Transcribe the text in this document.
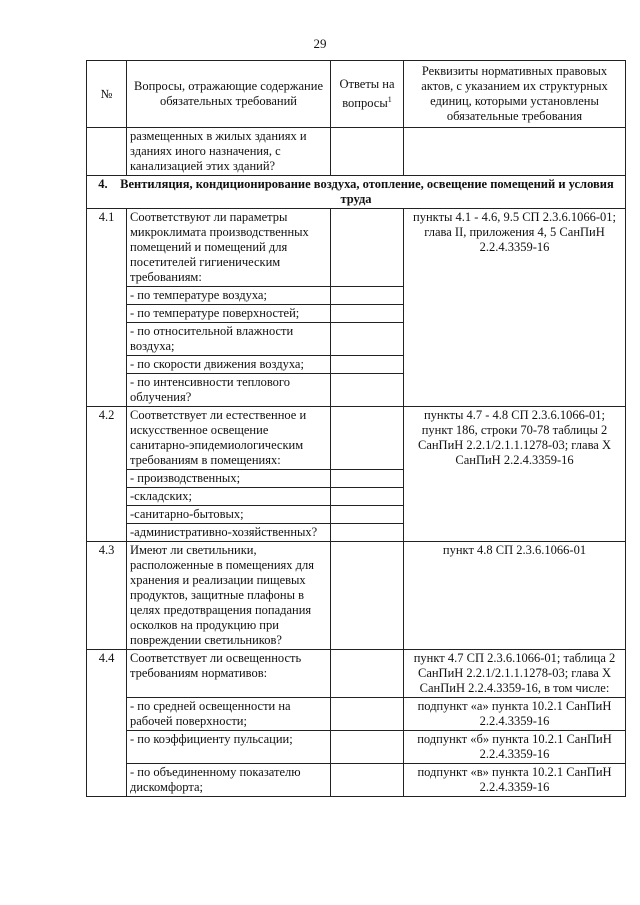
29
№	Вопросы, отражающие содержание обязательных требований	Ответы на вопросы$^1$	Реквизиты нормативных правовых актов, с указанием их структурных единиц, которыми установлены обязательные требования
	размещенных в жилых зданиях и зданиях иного назначения, с канализацией этих зданий?		
4. Вентиляция, кондиционирование воздуха, отопление, освещение помещений и условия труда			
4.1	Соответствуют ли параметры микроклимата производственных помещений и помещений для посетителей гигиеническим требованиям:		пункты 4.1 - 4.6, 9.5 СП 2.3.6.1066-01; глава II, приложения 4, 5 СанПиН 2.2.4.3359-16
	- по температуре воздуха;		
	- по температуре поверхностей;		
	- по относительной влажности воздуха;		
	- по скорости движения воздуха;		
	- по интенсивности теплового облучения?		
4.2	Соответствует ли естественное и искусственное освещение санитарно-эпидемиологическим требованиям в помещениях:		пункты 4.7 - 4.8 СП 2.3.6.1066-01; пункт 186, строки 70-78 таблицы 2 СанПиН 2.2.1/2.1.1.1278-03; глава X СанПиН 2.2.4.3359-16
	- производственных;		
	-складских;		
	-санитарно-бытовых;		
	-административно-хозяйственных?		
4.3	Имеют ли светильники, расположенные в помещениях для хранения и реализации пищевых продуктов, защитные плафоны в целях предотвращения попадания осколков на продукцию при повреждении светильников?		пункт 4.8 СП 2.3.6.1066-01
4.4	Соответствует ли освещенность требованиям нормативов:		пункт 4.7 СП 2.3.6.1066-01; таблица 2 СанПиН 2.2.1/2.1.1.1278-03; глава X СанПиН 2.2.4.3359-16, в том числе:
	- по средней освещенности на рабочей поверхности;		подпункт «а» пункта 10.2.1 СанПиН 2.2.4.3359-16
	- по коэффициенту пульсации;		подпункт «б» пункта 10.2.1 СанПиН 2.2.4.3359-16
	- по объединенному показателю дискомфорта;		подпункт «в» пункта 10.2.1 СанПиН 2.2.4.3359-16
